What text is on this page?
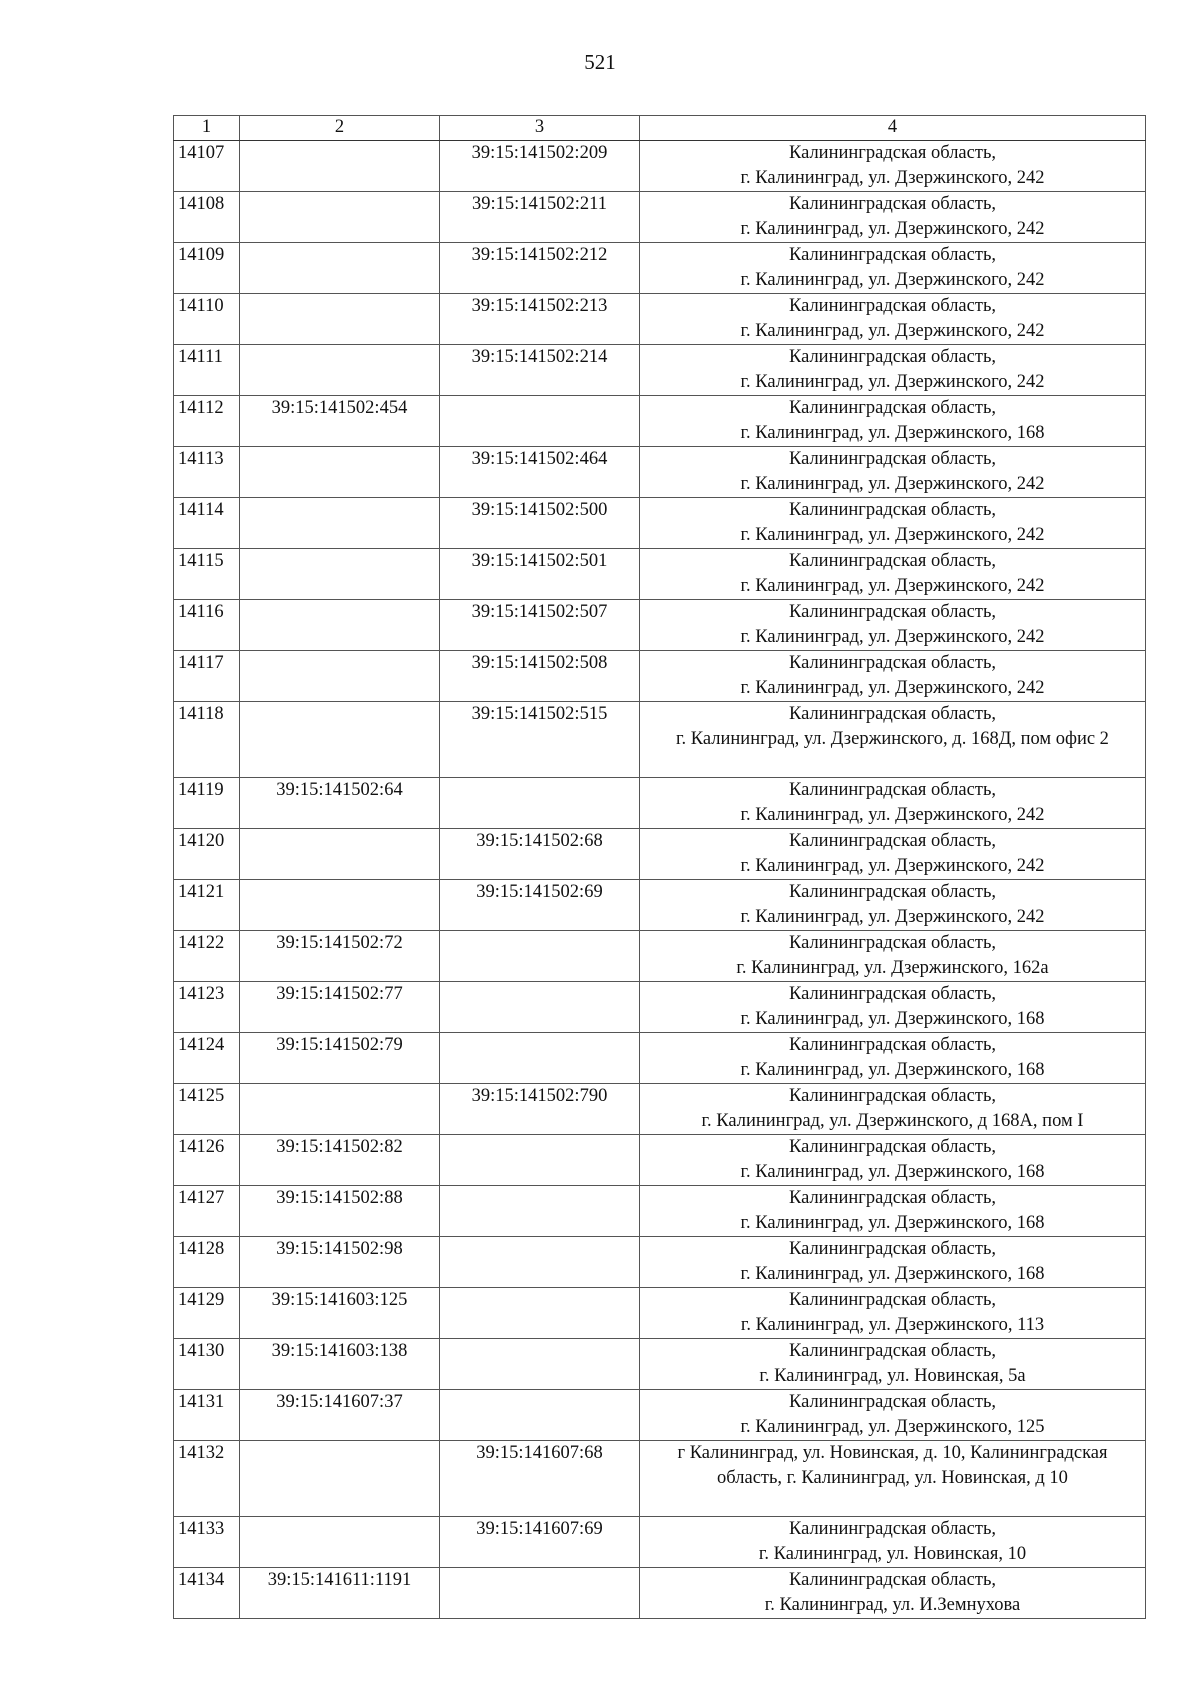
521
1	2	3	4

14107		39:15:141502:209	Калининградская область,
г. Калининград, ул. Дзержинского, 242

14108		39:15:141502:211	Калининградская область,
г. Калининград, ул. Дзержинского, 242

14109		39:15:141502:212	Калининградская область,
г. Калининград, ул. Дзержинского, 242

14110		39:15:141502:213	Калининградская область,
г. Калининград, ул. Дзержинского, 242

14111		39:15:141502:214	Калининградская область,
г. Калининград, ул. Дзержинского, 242

14112	39:15:141502:454		Калининградская область,
г. Калининград, ул. Дзержинского, 168

14113		39:15:141502:464	Калининградская область,
г. Калининград, ул. Дзержинского, 242

14114		39:15:141502:500	Калининградская область,
г. Калининград, ул. Дзержинского, 242

14115		39:15:141502:501	Калининградская область,
г. Калининград, ул. Дзержинского, 242

14116		39:15:141502:507	Калининградская область,
г. Калининград, ул. Дзержинского, 242

14117		39:15:141502:508	Калининградская область,
г. Калининград, ул. Дзержинского, 242

14118		39:15:141502:515	Калининградская область,
г. Калининград, ул. Дзержинского, д. 168Д, пом офис 2

14119	39:15:141502:64		Калининградская область,
г. Калининград, ул. Дзержинского, 242

14120		39:15:141502:68	Калининградская область,
г. Калининград, ул. Дзержинского, 242

14121		39:15:141502:69	Калининградская область,
г. Калининград, ул. Дзержинского, 242

14122	39:15:141502:72		Калининградская область,
г. Калининград, ул. Дзержинского, 162а

14123	39:15:141502:77		Калининградская область,
г. Калининград, ул. Дзержинского, 168

14124	39:15:141502:79		Калининградская область,
г. Калининград, ул. Дзержинского, 168

14125		39:15:141502:790	Калининградская область,
г. Калининград, ул. Дзержинского, д 168А, пом I

14126	39:15:141502:82		Калининградская область,
г. Калининград, ул. Дзержинского, 168

14127	39:15:141502:88		Калининградская область,
г. Калининград, ул. Дзержинского, 168

14128	39:15:141502:98		Калининградская область,
г. Калининград, ул. Дзержинского, 168

14129	39:15:141603:125		Калининградская область,
г. Калининград, ул. Дзержинского, 113

14130	39:15:141603:138		Калининградская область,
г. Калининград, ул. Новинская, 5а

14131	39:15:141607:37		Калининградская область,
г. Калининград, ул. Дзержинского, 125

14132		39:15:141607:68	г Калининград, ул. Новинская, д. 10, Калининградская
область, г. Калининград, ул. Новинская, д 10

14133		39:15:141607:69	Калининградская область,
г. Калининград, ул. Новинская, 10

14134	39:15:141611:1191		Калининградская область,
г. Калининград, ул. И.Земнухова
